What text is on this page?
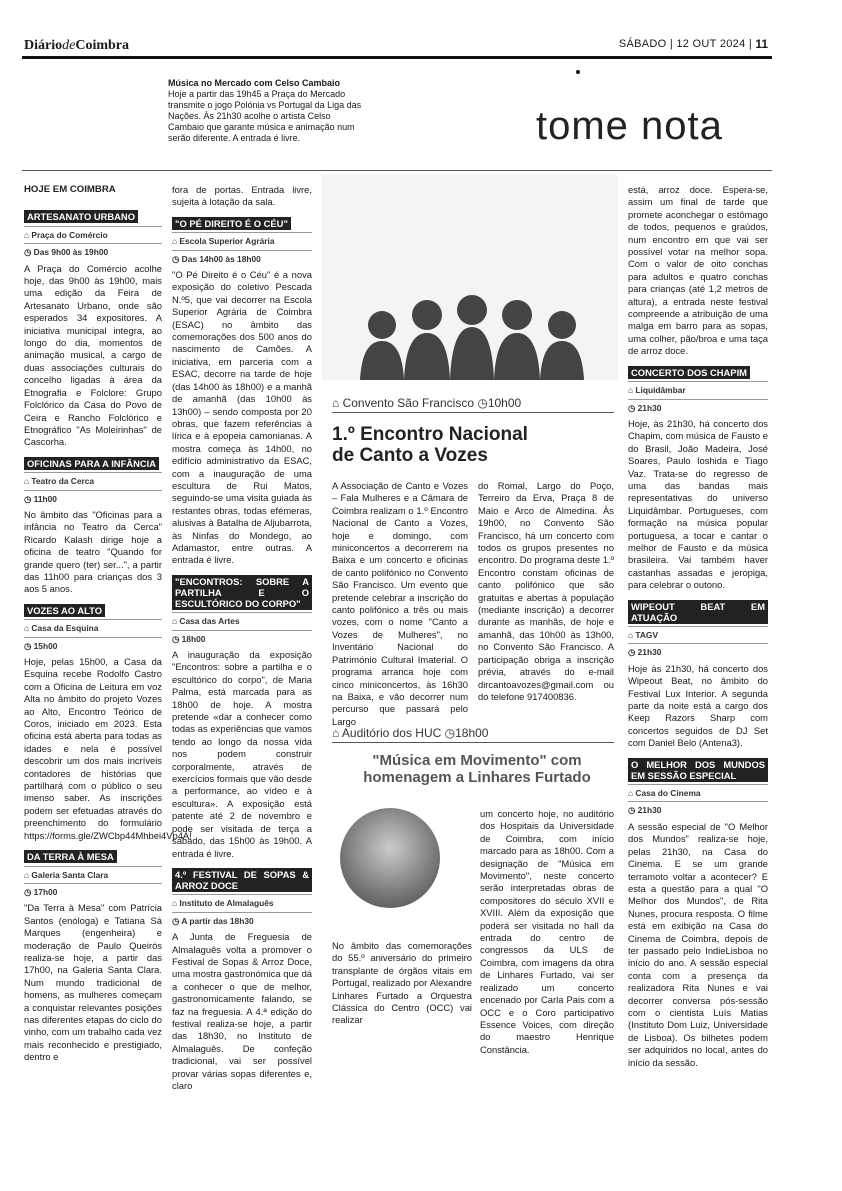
DiáriodeCoimbra	SÁBADO | 12 OUT 2024 | 11
Música no Mercado com Celso Cambaio
Hoje a partir das 19h45 a Praça do Mercado transmite o jogo Polónia vs Portugal da Liga das Nações. Às 21h30 acolhe o artista Celso Cambaio que garante música e animação num serão diferente. A entrada é livre.	tome nota
HOJE EM COIMBRA
ARTESANATO URBANO
⌂ Praça do Comércio
◷ Das 9h00 às 19h00
A Praça do Comércio acolhe hoje, das 9h00 às 19h00, mais uma edição da Feira de Artesanato Urbano, onde são esperados 34 expositores. A iniciativa municipal integra, ao longo do dia, momentos de animação musical, a cargo de duas associações culturais do concelho ligadas à área da Etnografia e Folclore: Grupo Folclórico da Casa do Povo de Ceira e Rancho Folclórico e Etnográfico "As Moleirinhas" de Cascorha.
OFICINAS PARA A INFÂNCIA
⌂ Teatro da Cerca
◷ 11h00
No âmbito das "Oficinas para a infância no Teatro da Cerca" Ricardo Kalash dirige hoje a oficina de teatro "Quando for grande quero (ter) ser...", a partir das 11h00 para crianças dos 3 aos 5 anos.
VOZES AO ALTO
⌂ Casa da Esquina
◷ 15h00
Hoje, pelas 15h00, a Casa da Esquina recebe Rodolfo Castro com a Oficina de Leitura em voz Alta no âmbito do projeto Vozes ao Alto, Encontro Teórico de Coros, iniciado em 2023. Esta oficina está aberta para todas as idades e nela é possível descobrir um dos mais incríveis contadores de histórias que partilhará com o público o seu imenso saber. As inscrições podem ser efetuadas através do preenchimento do formulário https://forms.gle/ZWCbp44Mhbei4Vp4A!
DA TERRA À MESA
⌂ Galeria Santa Clara
◷ 17h00
"Da Terra à Mesa" com Patrícia Santos (enóloga) e Tatiana Sá Marques (engenheira) e moderação de Paulo Queirós realiza-se hoje, a partir das 17h00, na Galeria Santa Clara. Num mundo tradicional de homens, as mulheres começam a conquistar relevantes posições nas diferentes etapas do ciclo do vinho, com um trabalho cada vez mais reconhecido e prestigiado, dentro e
fora de portas. Entrada livre, sujeita à lotação da sala.
"O PÉ DIREITO É O CÉU"
⌂ Escola Superior Agrária
◷ Das 14h00 às 18h00
"O Pé Direito é o Céu" é a nova exposição do coletivo Pescada N.º5, que vai decorrer na Escola Superior Agrária de Coimbra (ESAC) no âmbito das comemorações dos 500 anos do nascimento de Camões. A iniciativa, em parceria com a ESAC, decorre na tarde de hoje (das 14h00 às 18h00) e a manhã de amanhã (das 10h00 às 13h00) – sendo composta por 20 obras, que fazem referências à lírica e à epopeia camonianas. A mostra começa às 14h00, no edifício administrativo da ESAC, com a inauguração de uma escultura de Rui Matos, seguindo-se uma visita guiada às restantes obras, todas efémeras, alusivas à Batalha de Aljubarrota, às Ninfas do Mondego, ao Adamastor, entre outras. A entrada é livre.
"ENCONTROS: SOBRE A PARTILHA E O ESCULTÓRICO DO CORPO"
⌂ Casa das Artes
◷ 18h00
A inauguração da exposição "Encontros: sobre a partilha e o escultórico do corpo", de Maria Palma, está marcada para as 18h00 de hoje. A mostra pretende «dar a conhecer como todas as experiências que vamos tendo ao longo da nossa vida nos podem construir corporalmente, através de exercícios formais que vão desde a performance, ao vídeo e à escultura». A exposição está patente até 2 de novembro e pode ser visitada de terça a sábado, das 15h00 às 19h00. A entrada é livre.
4.º FESTIVAL DE SOPAS & ARROZ DOCE
⌂ Instituto de Almalaguês
◷ A partir das 18h30
A Junta de Freguesia de Almalaguês volta a promover o Festival de Sopas & Arroz Doce, uma mostra gastronómica que dá a conhecer o que de melhor, gastronomicamente falando, se faz na freguesia. A 4.ª edição do festival realiza-se hoje, a partir das 18h30, no Instituto de Almalaguês. De confeção tradicional, vai ser possível provar várias sopas diferentes e, claro
⌂ Convento São Francisco ◷10h00
1.º Encontro Nacional de Canto a Vozes
A Associação de Canto e Vozes – Fala Mulheres e a Câmara de Coimbra realizam o 1.º Encontro Nacional de Canto a Vozes, hoje e domingo, com miniconcertos a decorrerem na Baixa e um concerto e oficinas de canto polifónico no Convento São Francisco. Um evento que pretende celebrar a inscrição do canto polifónico a três ou mais vozes, com o nome "Canto a Vozes de Mulheres", no Inventário Nacional do Património Cultural Imaterial. O programa arranca hoje com cinco miniconcertos, às 16h30 na Baixa, e vão decorrer num percurso que passará pelo Largo
do Romal, Largo do Poço, Terreiro da Erva, Praça 8 de Maio e Arco de Almedina. Às 19h00, no Convento São Francisco, há um concerto com todos os grupos presentes no encontro. Do programa deste 1.º Encontro constam oficinas de canto polifónico que são gratuitas e abertas à população (mediante inscrição) a decorrer durante as manhãs, de hoje e amanhã, das 10h00 às 13h00, no Convento São Francisco. A participação obriga a inscrição prévia, através do e-mail dircantoavozes@gmail.com ou do telefone 917400836.
⌂ Auditório dos HUC ◷18h00
"Música em Movimento" com homenagem a Linhares Furtado
No âmbito das comemorações do 55.º aniversário do primeiro transplante de órgãos vitais em Portugal, realizado por Alexandre Linhares Furtado a Orquestra Clássica do Centro (OCC) vai realizar
um concerto hoje, no auditório dos Hospitais da Universidade de Coimbra, com início marcado para as 18h00. Com a designação de "Música em Movimento", neste concerto serão interpretadas obras de compositores do século XVII e XVIII. Além da exposição que poderá ser visitada no hall da entrada do centro de congressos da ULS de Coimbra, com imagens da obra de Linhares Furtado, vai ser realizado um concerto encenado por Carla Pais com a OCC e o Coro participativo Essence Voices, com direção do maestro Henrique Constância.
está, arroz doce. Espera-se, assim um final de tarde que promete aconchegar o estômago de todos, pequenos e graúdos, num encontro em que vai ser possível votar na melhor sopa. Com o valor de oito conchas para adultos e quatro conchas para crianças (até 1,2 metros de altura), a entrada neste festival compreende a atribuição de uma malga em barro para as sopas, uma colher, pão/broa e uma taça de arroz doce.
CONCERTO DOS CHAPIM
⌂ Liquidâmbar
◷ 21h30
Hoje, às 21h30, há concerto dos Chapim, com música de Fausto e do Brasil, João Madeira, José Soares, Paulo Ioshida e Tiago Vaz. Trata-se do regresso de uma das bandas mais representativas do universo Liquidâmbar. Portugueses, com formação na música popular portuguesa, a tocar e cantar o melhor de Fausto e da música brasileira. Vai também haver castanhas assadas e jeropiga, para celebrar o outono.
WIPEOUT BEAT EM ATUAÇÃO
⌂ TAGV
◷ 21h30
Hoje às 21h30, há concerto dos Wipeout Beat, no âmbito do Festival Lux Interior. A segunda parte da noite está a cargo dos Keep Razors Sharp com concertos seguidos de DJ Set com Daniel Belo (Antena3).
O MELHOR DOS MUNDOS EM SESSÃO ESPECIAL
⌂ Casa do Cinema
◷ 21h30
A sessão especial de "O Melhor dos Mundos" realiza-se hoje, pelas 21h30, na Casa do Cinema. E se um grande terramoto voltar a acontecer? E esta a questão para a qual "O Melhor dos Mundos", de Rita Nunes, procura resposta. O filme está em exibição na Casa do Cinema de Coimbra, depois de ter passado pelo IndieLisboa no início do ano. A sessão especial conta com a presença da realizadora Rita Nunes e vai decorrer conversa pós-sessão com o cientista Luís Matias (Instituto Dom Luiz, Universidade de Lisboa). Os bilhetes podem ser adquiridos no local, antes do início da sessão.
